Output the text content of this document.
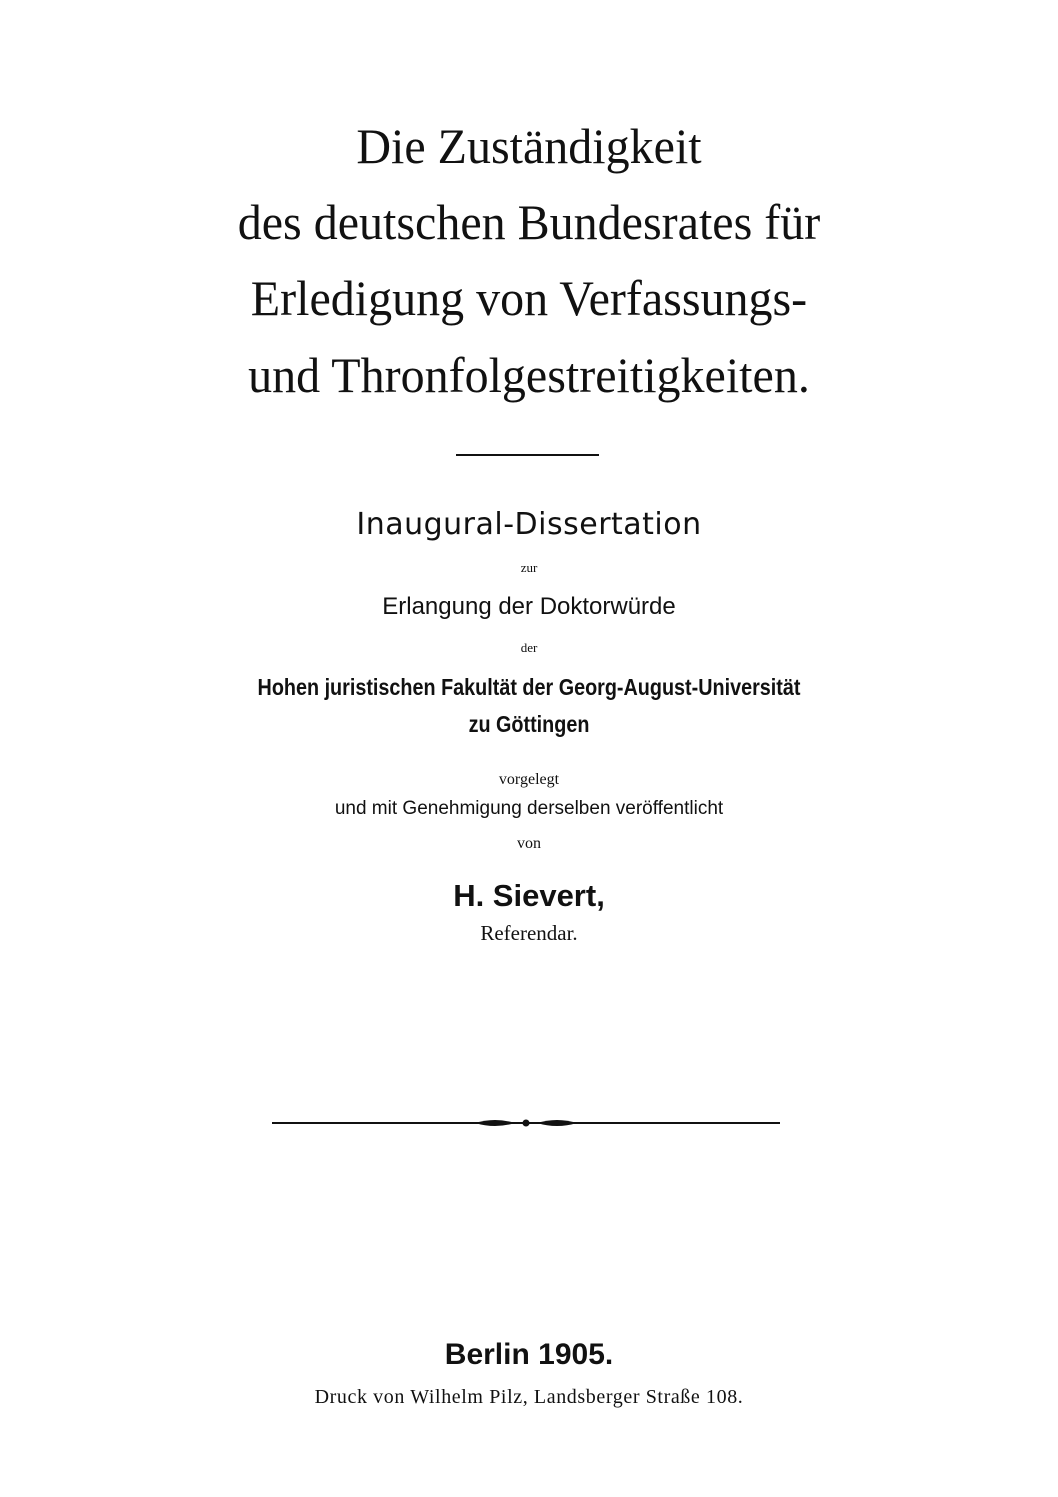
Die Zuständigkeit
des deutschen Bundesrates für
Erledigung von Verfassungs-
und Thronfolgestreitigkeiten.
Inaugural-Dissertation
zur
Erlangung der Doktorwürde
der
Hohen juristischen Fakultät der Georg-August-Universität
zu Göttingen
vorgelegt
und mit Genehmigung derselben veröffentlicht
von
H. Sievert,
Referendar.
Berlin 1905.
Druck von Wilhelm Pilz, Landsberger Straße 108.
